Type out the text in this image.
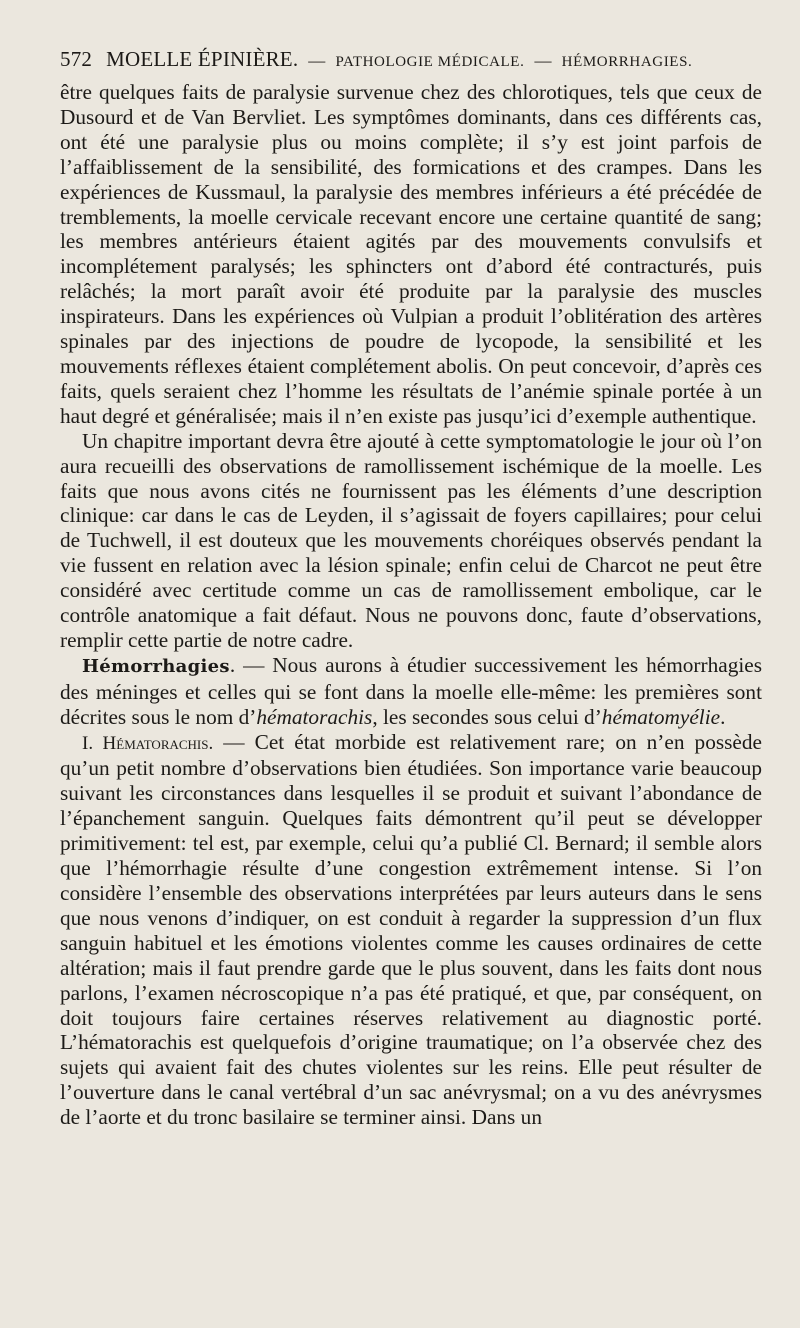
572 MOELLE ÉPINIÈRE. — PATHOLOGIE MÉDICALE. — HÉMORRHAGIES.

être quelques faits de paralysie survenue chez des chlorotiques, tels que ceux de Dusourd et de Van Bervliet. Les symptômes dominants, dans ces différents cas, ont été une paralysie plus ou moins complète; il s’y est joint parfois de l’affaiblissement de la sensibilité, des formications et des crampes. Dans les expériences de Kussmaul, la paralysie des membres inférieurs a été précédée de tremblements, la moelle cervicale recevant encore une certaine quantité de sang; les membres antérieurs étaient agités par des mouvements convulsifs et incomplétement paralysés; les sphincters ont d’abord été contracturés, puis relâchés; la mort paraît avoir été produite par la paralysie des muscles inspirateurs. Dans les expériences où Vulpian a produit l’oblitération des artères spinales par des injections de poudre de lycopode, la sensibilité et les mouvements réflexes étaient complétement abolis. On peut concevoir, d’après ces faits, quels seraient chez l’homme les résultats de l’anémie spinale portée à un haut degré et généralisée; mais il n’en existe pas jusqu’ici d’exemple authentique.

Un chapitre important devra être ajouté à cette symptomatologie le jour où l’on aura recueilli des observations de ramollissement ischémique de la moelle. Les faits que nous avons cités ne fournissent pas les éléments d’une description clinique: car dans le cas de Leyden, il s’agissait de foyers capillaires; pour celui de Tuchwell, il est douteux que les mouvements choréiques observés pendant la vie fussent en relation avec la lésion spinale; enfin celui de Charcot ne peut être considéré avec certitude comme un cas de ramollissement embolique, car le contrôle anatomique a fait défaut. Nous ne pouvons donc, faute d’observations, remplir cette partie de notre cadre.

Hémorrhagies. — Nous aurons à étudier successivement les hémorrhagies des méninges et celles qui se font dans la moelle elle-même: les premières sont décrites sous le nom d’hématorachis, les secondes sous celui d’hématomyélie.

I. Hématorachis. — Cet état morbide est relativement rare; on n’en possède qu’un petit nombre d’observations bien étudiées. Son importance varie beaucoup suivant les circonstances dans lesquelles il se produit et suivant l’abondance de l’épanchement sanguin. Quelques faits démontrent qu’il peut se développer primitivement: tel est, par exemple, celui qu’a publié Cl. Bernard; il semble alors que l’hémorrhagie résulte d’une congestion extrêmement intense. Si l’on considère l’ensemble des observations interprétées par leurs auteurs dans le sens que nous venons d’indiquer, on est conduit à regarder la suppression d’un flux sanguin habituel et les émotions violentes comme les causes ordinaires de cette altération; mais il faut prendre garde que le plus souvent, dans les faits dont nous parlons, l’examen nécroscopique n’a pas été pratiqué, et que, par conséquent, on doit toujours faire certaines réserves relativement au diagnostic porté. L’hématorachis est quelquefois d’origine traumatique; on l’a observée chez des sujets qui avaient fait des chutes violentes sur les reins. Elle peut résulter de l’ouverture dans le canal vertébral d’un sac anévrysmal; on a vu des anévrysmes de l’aorte et du tronc basilaire se terminer ainsi. Dans un
